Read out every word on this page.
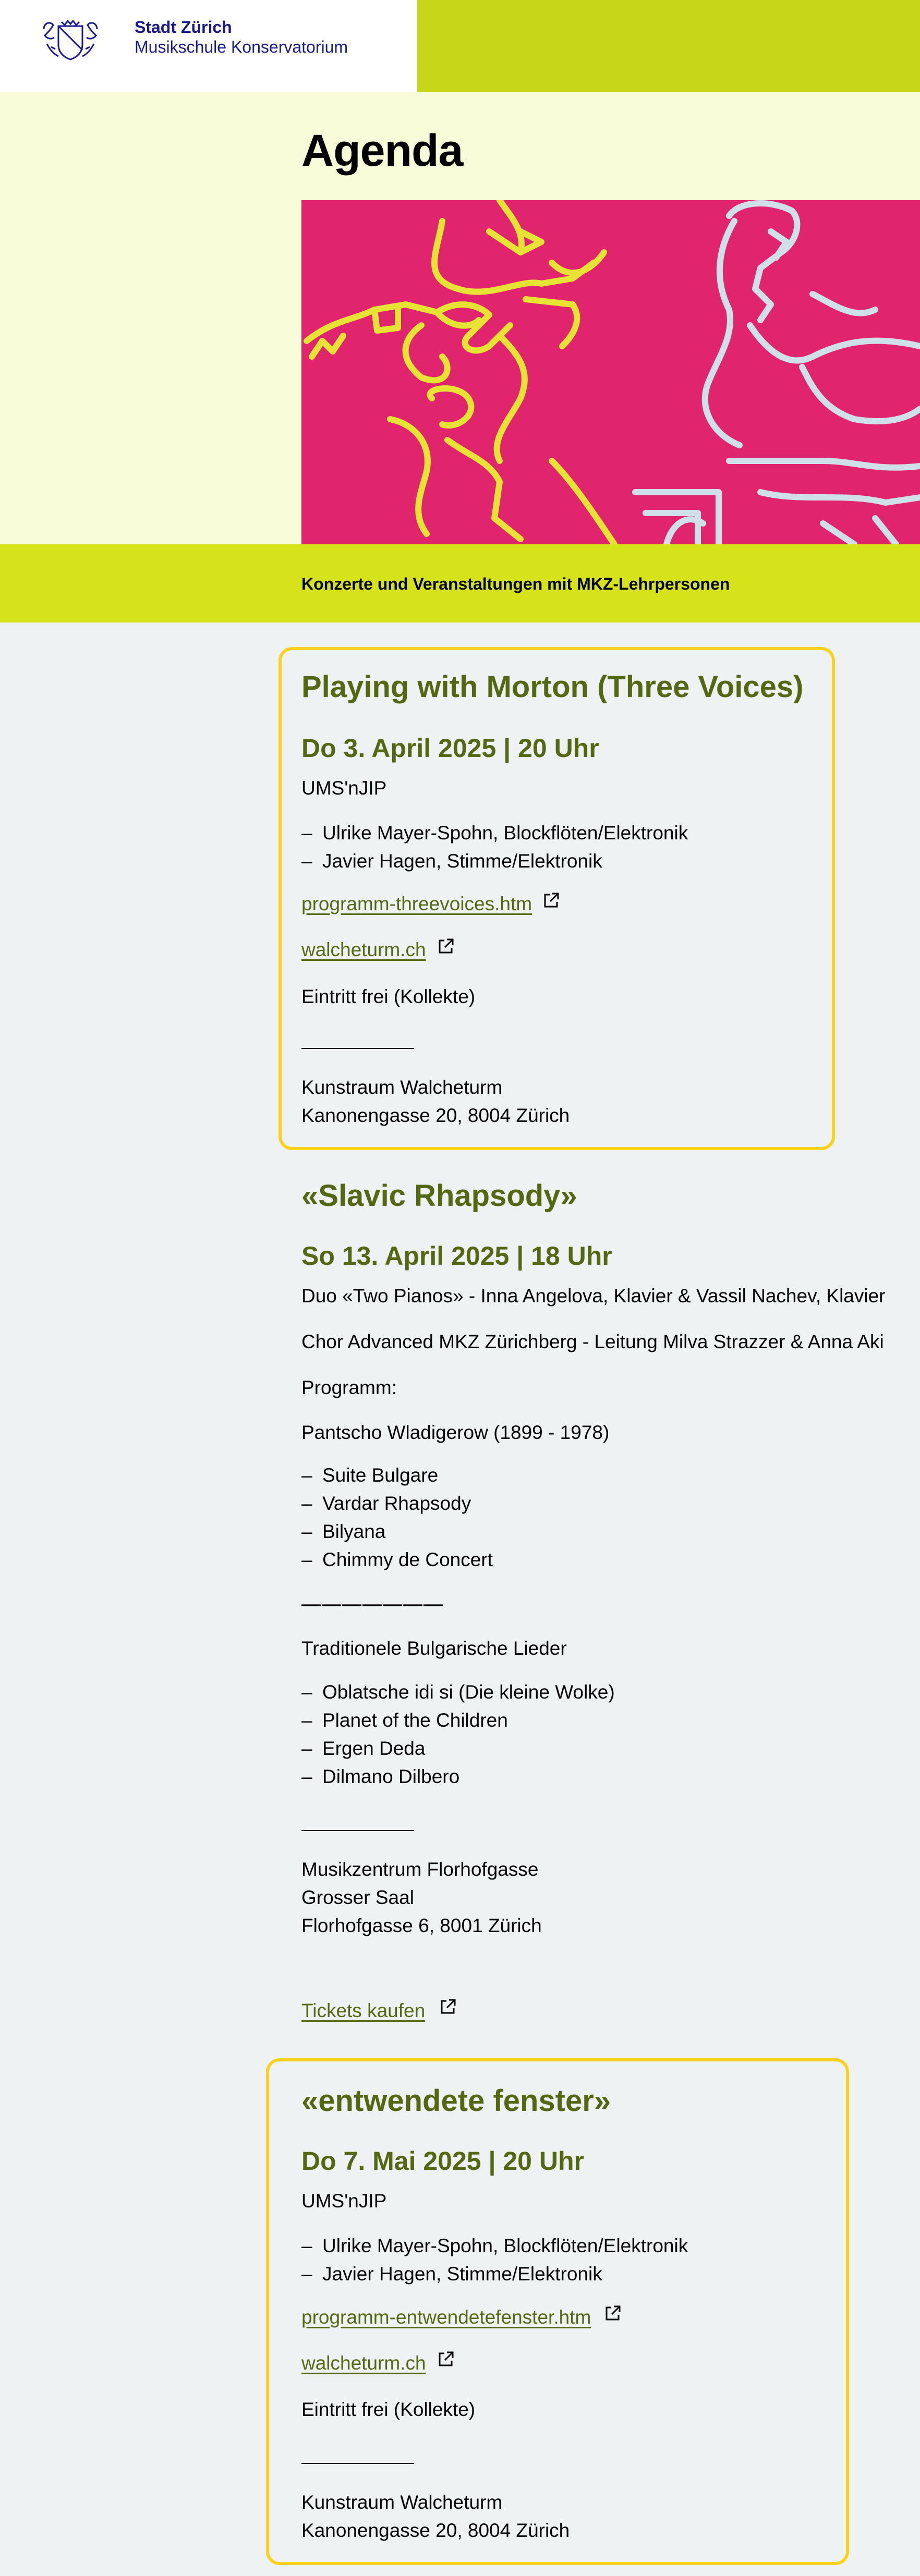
Stadt Zürich
Musikschule Konservatorium
Agenda
Konzerte und Veranstaltungen mit MKZ-Lehrpersonen
Playing with Morton (Three Voices)
Do 3. April 2025 | 20 Uhr
UMS'nJIP
– Ulrike Mayer-Spohn, Blockflöten/Elektronik
– Javier Hagen, Stimme/Elektronik
programm-threevoices.htm
walcheturm.ch
Eintritt frei (Kollekte)
Kunstraum Walcheturm
Kanonengasse 20, 8004 Zürich
«Slavic Rhapsody»
So 13. April 2025 | 18 Uhr
Duo «Two Pianos» - Inna Angelova, Klavier & Vassil Nachev, Klavier
Chor Advanced MKZ Zürichberg - Leitung Milva Strazzer & Anna Aki
Programm:
Pantscho Wladigerow (1899 - 1978)
– Suite Bulgare
– Vardar Rhapsody
– Bilyana
– Chimmy de Concert
———————
Traditionele Bulgarische Lieder
– Oblatsche idi si (Die kleine Wolke)
– Planet of the Children
– Ergen Deda
– Dilmano Dilbero
Musikzentrum Florhofgasse
Grosser Saal
Florhofgasse 6, 8001 Zürich
Tickets kaufen
«entwendete fenster»
Do 7. Mai 2025 | 20 Uhr
UMS'nJIP
– Ulrike Mayer-Spohn, Blockflöten/Elektronik
– Javier Hagen, Stimme/Elektronik
programm-entwendetefenster.htm
walcheturm.ch
Eintritt frei (Kollekte)
Kunstraum Walcheturm
Kanonengasse 20, 8004 Zürich
